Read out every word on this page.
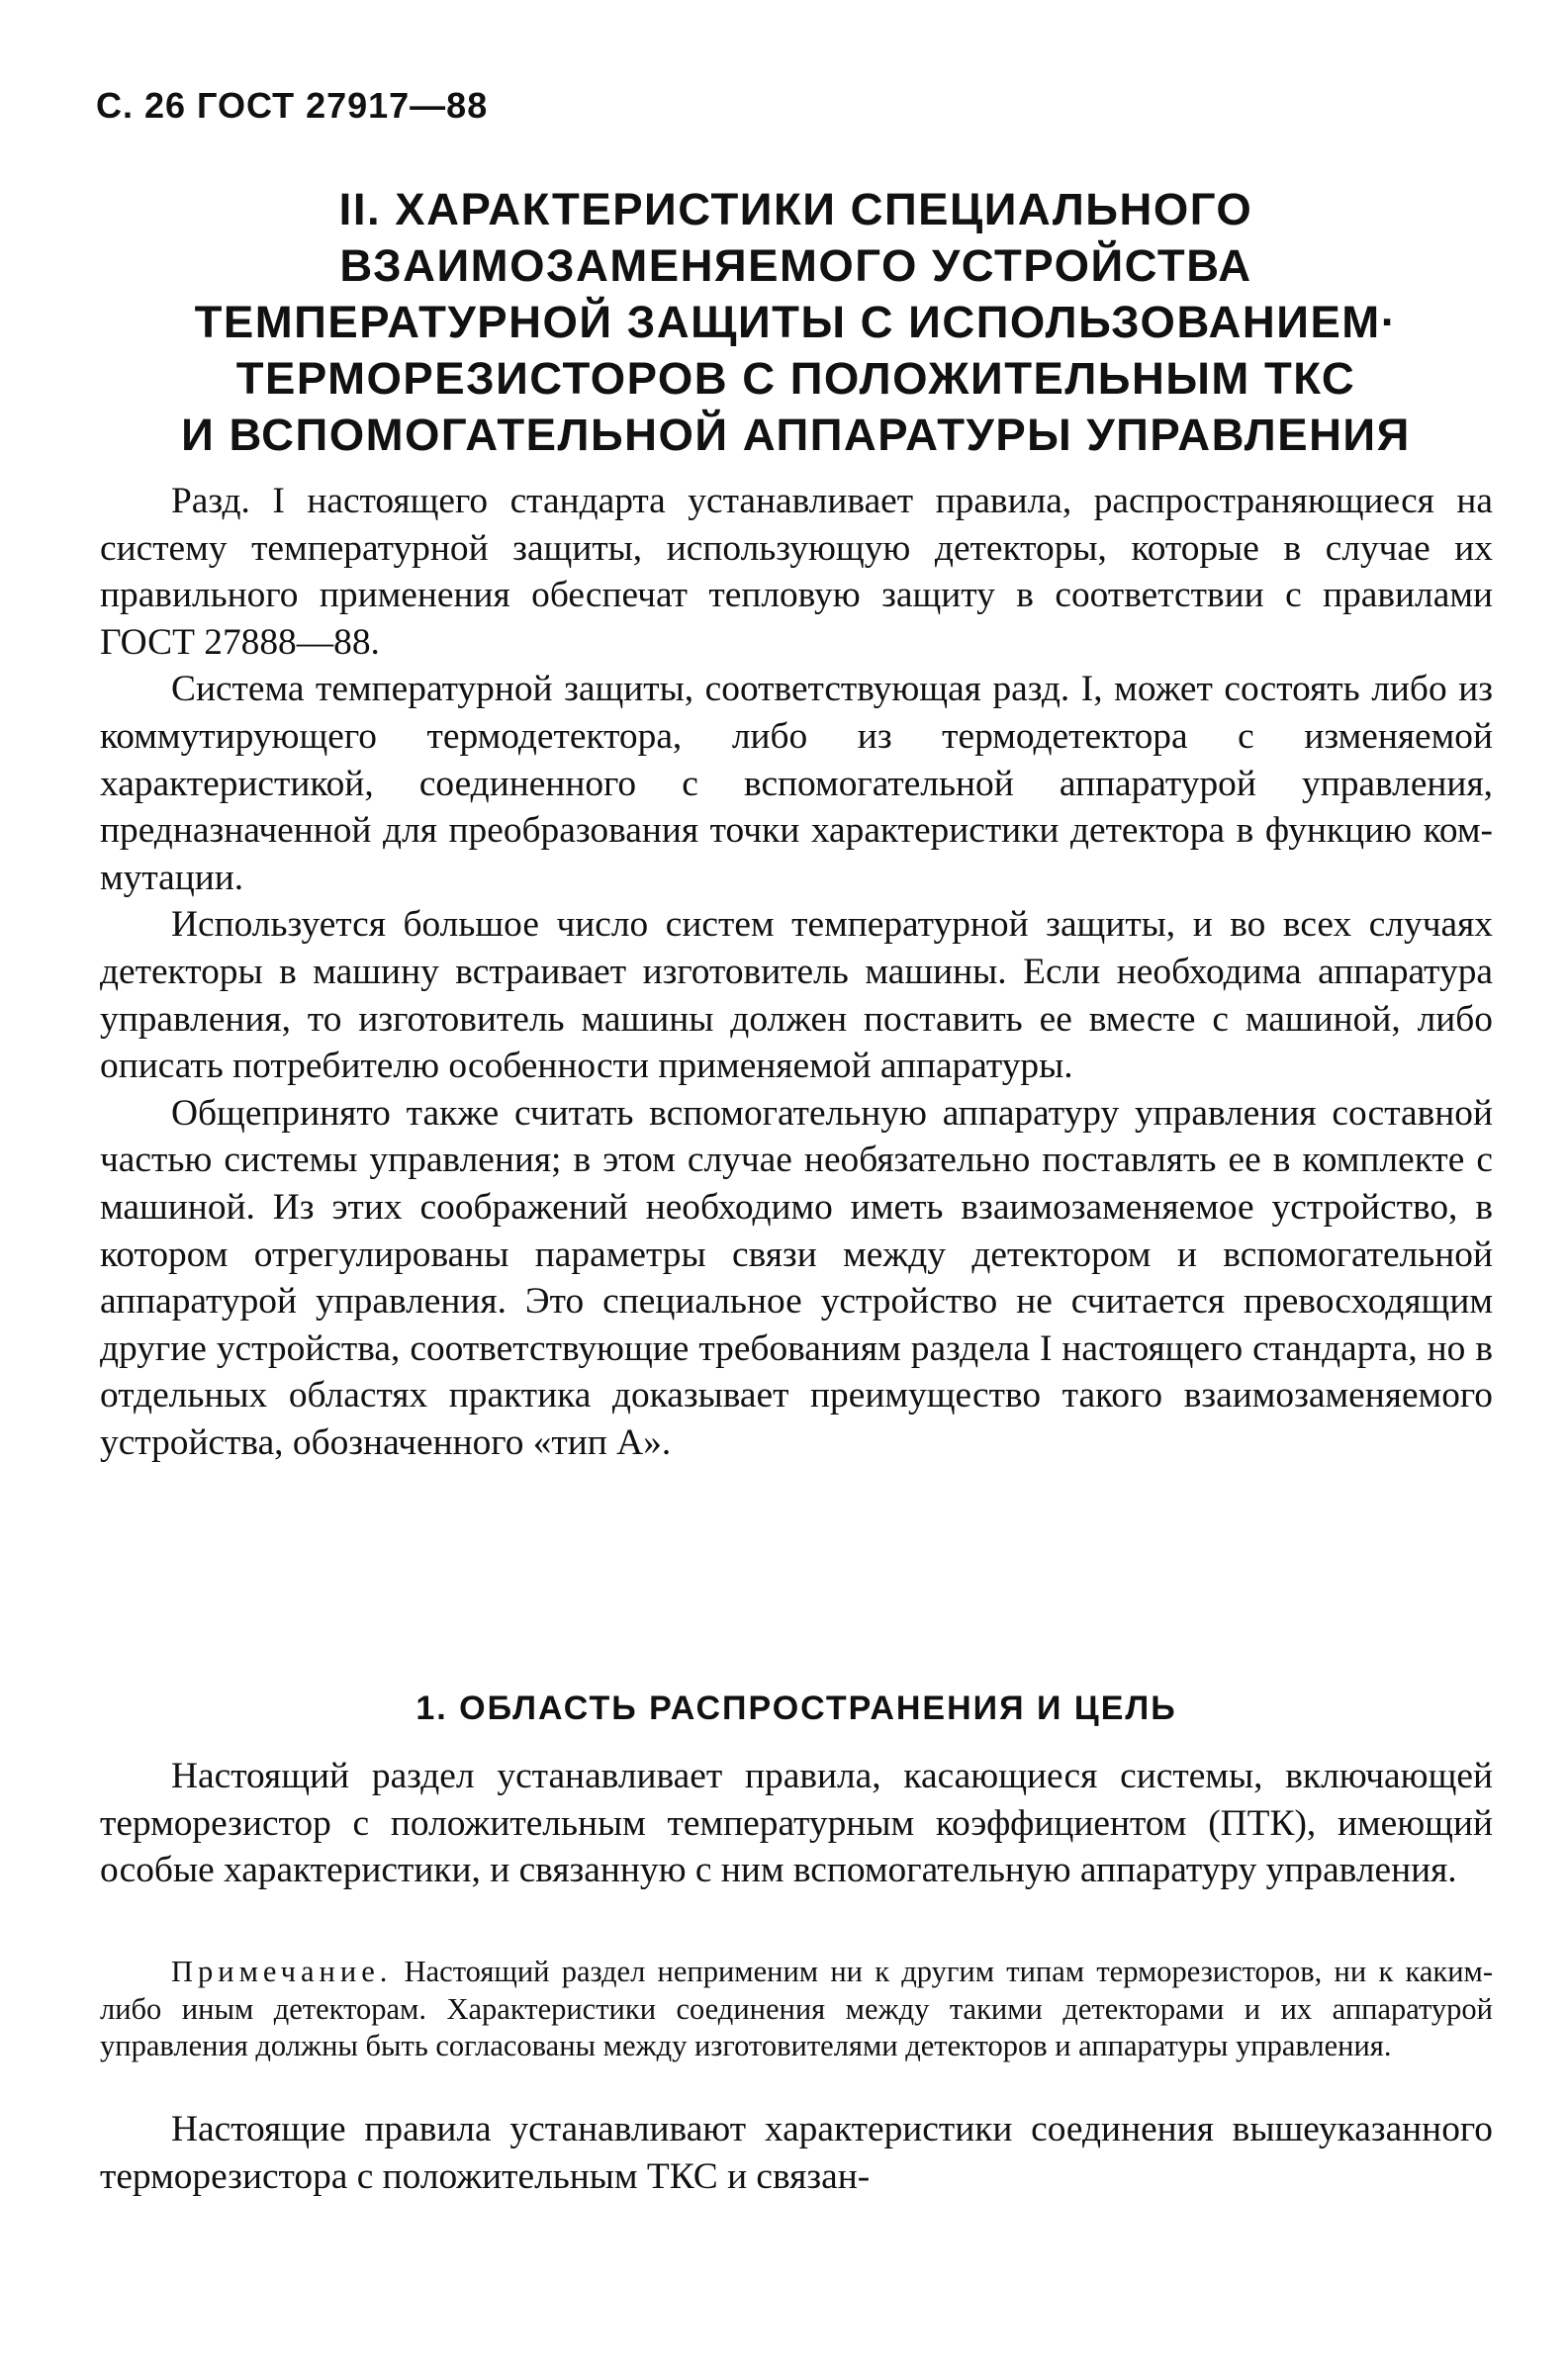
С. 26 ГОСТ 27917—88
II. ХАРАКТЕРИСТИКИ СПЕЦИАЛЬНОГО
ВЗАИМОЗАМЕНЯЕМОГО УСТРОЙСТВА
ТЕМПЕРАТУРНОЙ ЗАЩИТЫ С ИСПОЛЬЗОВАНИЕМ·
ТЕРМОРЕЗИСТОРОВ С ПОЛОЖИТЕЛЬНЫМ ТКС
И ВСПОМОГАТЕЛЬНОЙ АППАРАТУРЫ УПРАВЛЕНИЯ

Разд. I настоящего стандарта устанавливает правила, распространяющиеся на систему температурной защиты, использующую детекторы, которые в случае их правильного применения обеспечат тепловую защиту в соответствии с правилами ГОСТ 27888—88.

Система температурной защиты, соответствующая разд. I, может состоять либо из коммутирующего термодетектора, либо из термодетектора с изменяемой характеристикой, соединенного с вспомогательной аппаратурой управления, предназначенной для преобразования точки характеристики детектора в функцию коммутации.

Используется большое число систем температурной защиты, и во всех случаях детекторы в машину встраивает изготовитель машины. Если необходима аппаратура управления, то изготовитель машины должен поставить ее вместе с машиной, либо описать потребителю особенности применяемой аппаратуры.

Общепринято также считать вспомогательную аппаратуру управления составной частью системы управления; в этом случае необязательно поставлять ее в комплекте с машиной. Из этих соображений необходимо иметь взаимозаменяемое устройство, в котором отрегулированы параметры связи между детектором и вспомогательной аппаратурой управления. Это специальное устройство не считается превосходящим другие устройства, соответствующие требованиям раздела I настоящего стандарта, но в отдельных областях практика доказывает преимущество такого взаимозаменяемого устройства, обозначенного «тип А».

1. ОБЛАСТЬ РАСПРОСТРАНЕНИЯ И ЦЕЛЬ

Настоящий раздел устанавливает правила, касающиеся системы, включающей терморезистор с положительным температурным коэффициентом (ПТК), имеющий особые характеристики, и связанную с ним вспомогательную аппаратуру управления.

Примечание. Настоящий раздел неприменим ни к другим типам терморезисторов, ни к каким-либо иным детекторам. Характеристики соединения между такими детекторами и их аппаратурой управления должны быть согласованы между изготовителями детекторов и аппаратуры управления.

Настоящие правила устанавливают характеристики соединения вышеуказанного терморезистора с положительным ТКС и связан-
